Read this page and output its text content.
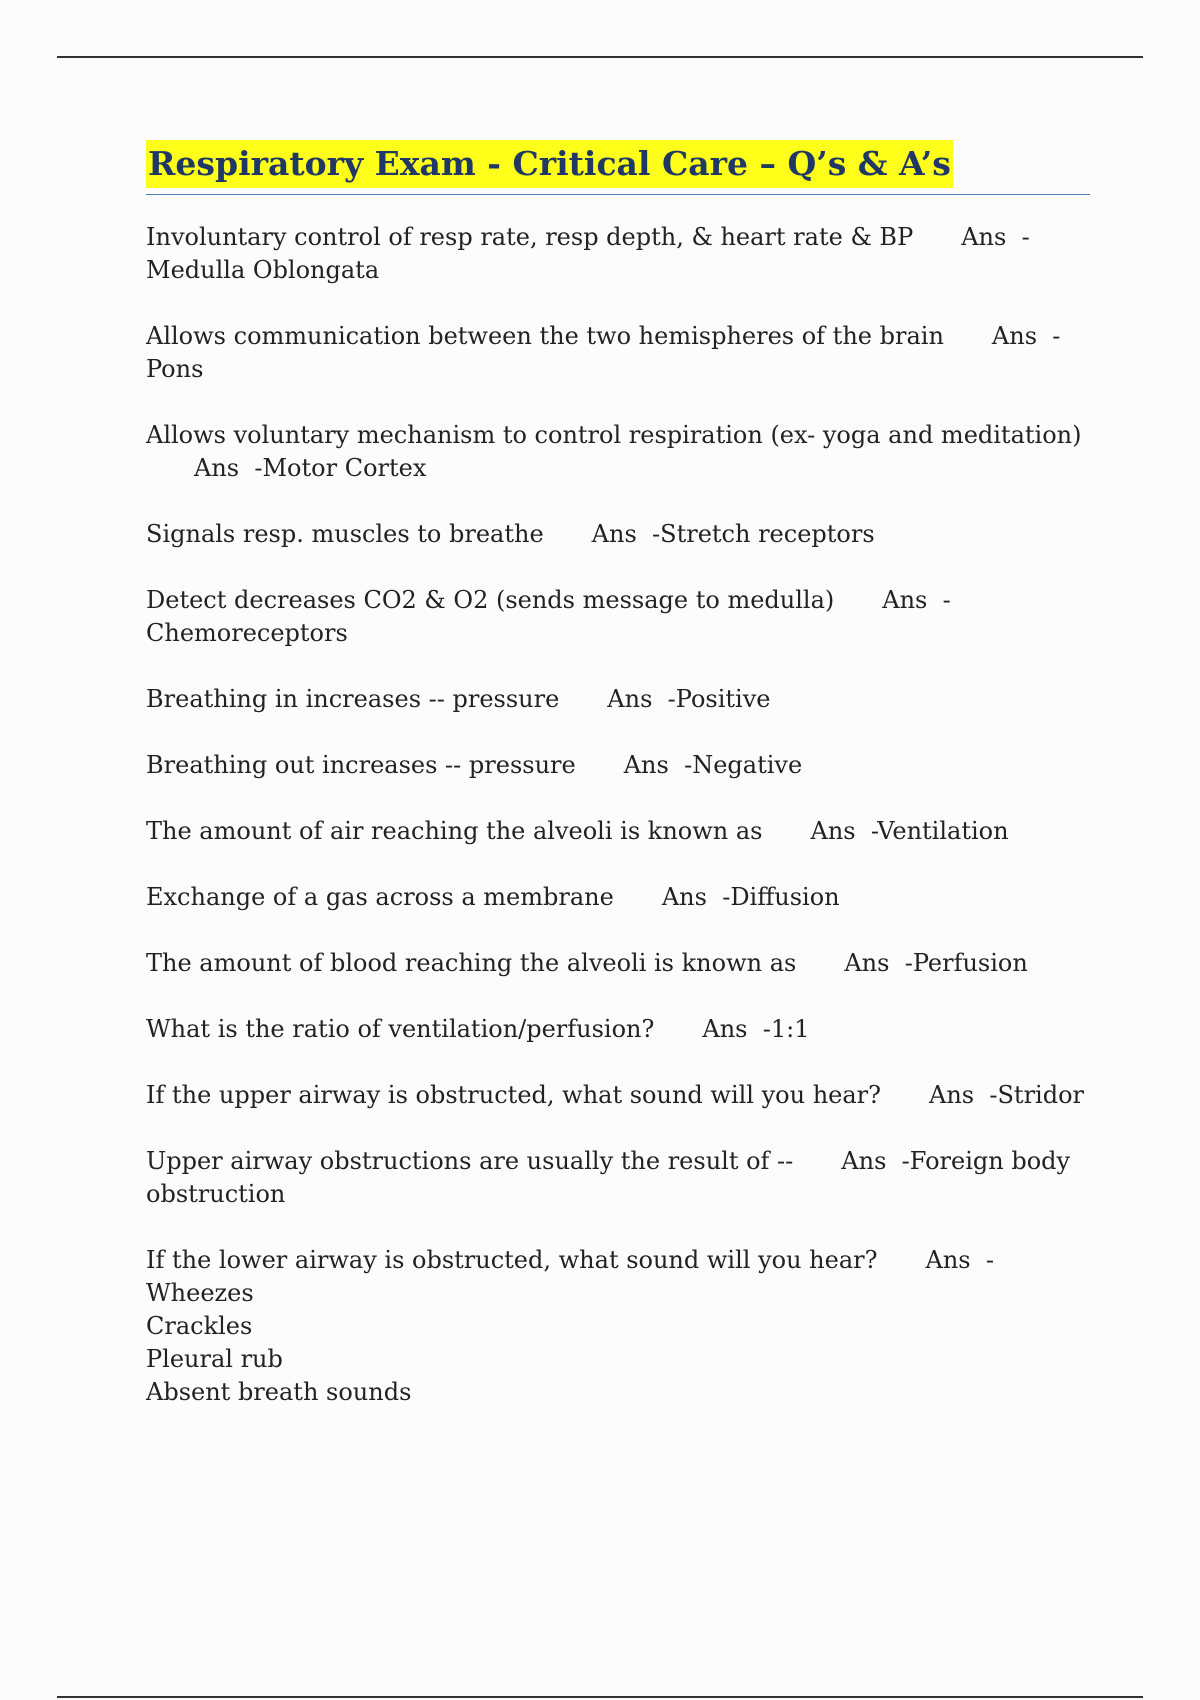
Respiratory Exam - Critical Care – Q’s & A’s
Involuntary control of resp rate, resp depth, & heart rate & BP Ans  -Medulla Oblongata
Allows communication between the two hemispheres of the brain Ans  -Pons
Allows voluntary mechanism to control respiration (ex- yoga and meditation)Ans  -Motor Cortex
Signals resp. muscles to breathe Ans  -Stretch receptors
Detect decreases CO2 & O2 (sends message to medulla) Ans  -Chemoreceptors
Breathing in increases -- pressure Ans  -Positive
Breathing out increases -- pressure Ans  -Negative
The amount of air reaching the alveoli is known as Ans  -Ventilation
Exchange of a gas across a membrane Ans  -Diffusion
The amount of blood reaching the alveoli is known as Ans  -Perfusion
What is the ratio of ventilation/perfusion? Ans  -1:1
If the upper airway is obstructed, what sound will you hear? Ans  -Stridor
Upper airway obstructions are usually the result of -- Ans  -Foreign body obstruction
If the lower airway is obstructed, what sound will you hear? Ans  -Wheezes
Crackles
Pleural rub
Absent breath sounds
